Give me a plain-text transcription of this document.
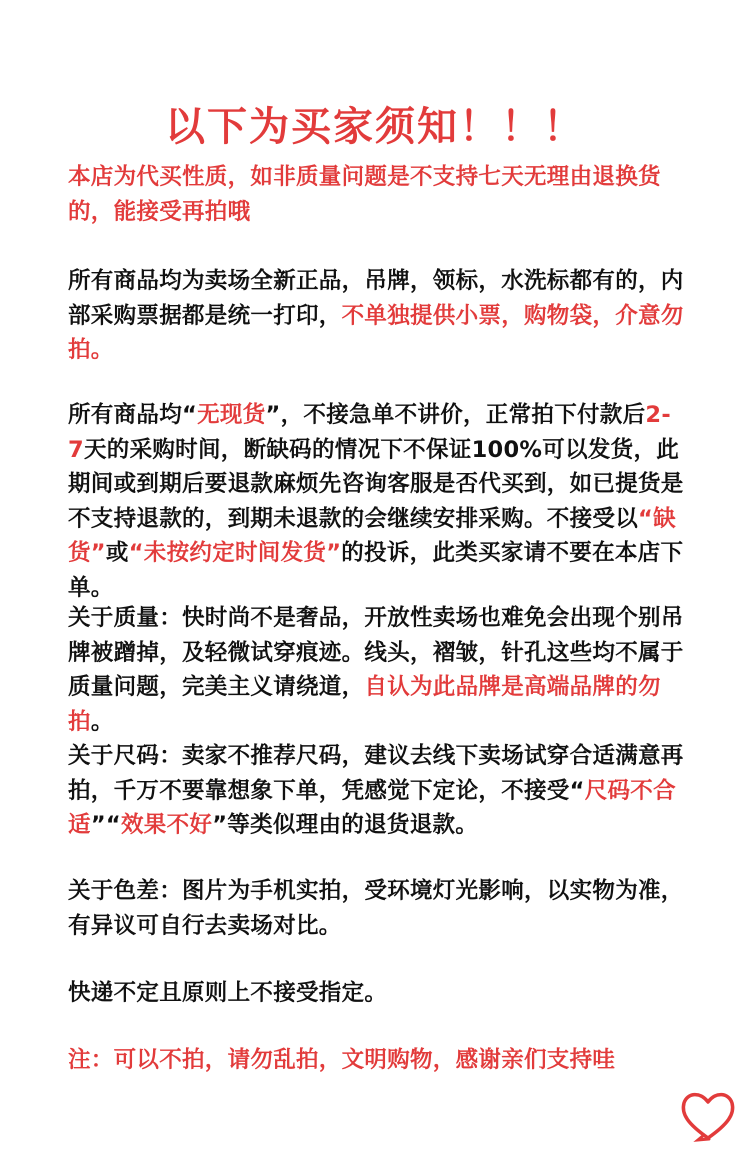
以下为买家须知！！！

本店为代买性质，如非质量问题是不支持七天无理由退换货的，能接受再拍哦

所有商品均为卖场全新正品，吊牌，领标，水洗标都有的，内部采购票据都是统一打印，不单独提供小票，购物袋，介意勿拍。

所有商品均“无现货”，不接急单不讲价，正常拍下付款后2-7天的采购时间，断缺码的情况下不保证100%可以发货，此期间或到期后要退款麻烦先咨询客服是否代买到，如已提货是不支持退款的，到期未退款的会继续安排采购。不接受以“缺货”或“未按约定时间发货”的投诉，此类买家请不要在本店下单。

关于质量：快时尚不是奢品，开放性卖场也难免会出现个别吊牌被蹭掉，及轻微试穿痕迹。线头，褶皱，针孔这些均不属于质量问题，完美主义请绕道，自认为此品牌是高端品牌的勿拍。

关于尺码：卖家不推荐尺码，建议去线下卖场试穿合适满意再拍，千万不要靠想象下单，凭感觉下定论，不接受“尺码不合适”“效果不好”等类似理由的退货退款。

关于色差：图片为手机实拍，受环境灯光影响，以实物为准，有异议可自行去卖场对比。

快递不定且原则上不接受指定。

注：可以不拍，请勿乱拍，文明购物，感谢亲们支持哇
